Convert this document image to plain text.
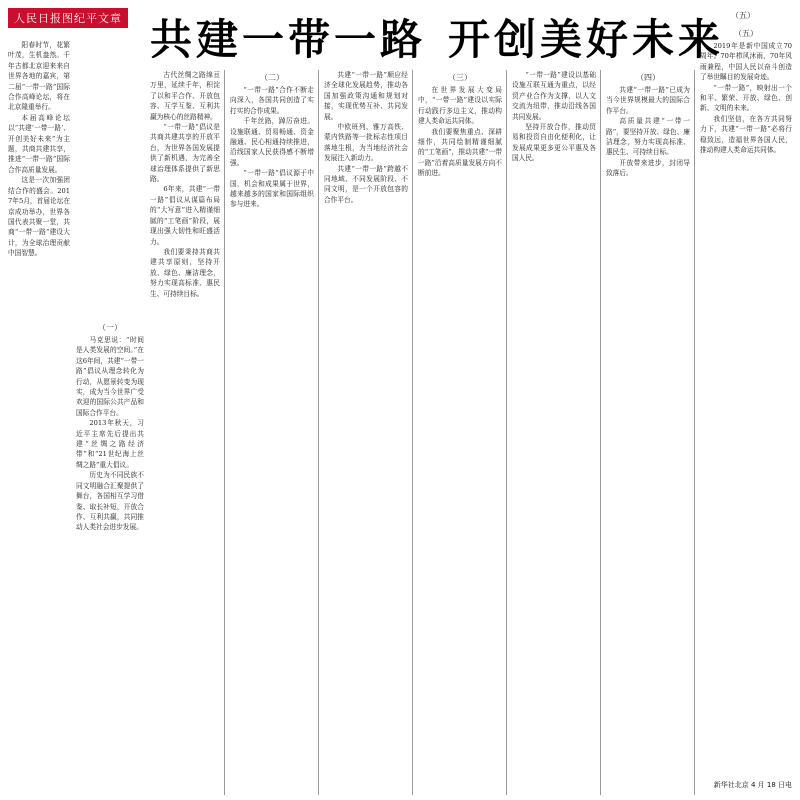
人民日报图纪平文章 共建一带一路 开创美好未来 （五）

阳春时节，花繁叶茂，生机盎然。千年古都北京迎来来自世界各地的嘉宾，第二届“一带一路”国际合作高峰论坛，将在北京隆重举行。

本届高峰论坛以“共建‘一带一路’、开创美好未来”为主题，共商共建共享，推进“一带一路”国际合作高质量发展。

这是一次加强团结合作的盛会。2017年5月，首届论坛在京成功举办，世界各国代表共聚一堂，共商“一带一路”建设大计，为全球治理贡献中国智慧。

（一）

马克思说：“时间是人类发展的空间。”在这6年间，共建“一带一路”倡议从理念转化为行动，从愿景转变为现实，成为当今世界广受欢迎的国际公共产品和国际合作平台。

2013年秋天，习近平主席先后提出共建“丝绸之路经济带”和“21世纪海上丝绸之路”重大倡议。

历史为不同民族不同文明融合汇聚提供了舞台，各国相互学习借鉴、取长补短，开放合作、互利共赢，共同推动人类社会进步发展。

古代丝绸之路绵亘万里，延续千年，积淀了以和平合作、开放包容、互学互鉴、互利共赢为核心的丝路精神。

“一带一路”倡议是共商共建共享的开放平台，为世界各国发展提供了新机遇，为完善全球治理体系提供了新思路。

6年来，共建“一带一路”倡议从谋篇布局的“大写意”进入精谨细腻的“工笔画”阶段，展现出强大韧性和旺盛活力。

我们要秉持共商共建共享原则，坚持开放、绿色、廉洁理念，努力实现高标准、惠民生、可持续目标。

（二）

“一带一路”合作不断走向深入，各国共同创造了实打实的合作成果。

千年丝路，踔厉奋进。设施联通、贸易畅通、资金融通、民心相通持续推进，沿线国家人民获得感不断增强。

“一带一路”倡议源于中国，机会和成果属于世界，越来越多的国家和国际组织参与进来。

共建“一带一路”顺应经济全球化发展趋势，推动各国加强政策沟通和规划对接，实现优势互补、共同发展。

中欧班列、雅万高铁、蒙内铁路等一批标志性项目落地生根，为当地经济社会发展注入新动力。

共建“一带一路”跨越不同地域、不同发展阶段、不同文明，是一个开放包容的合作平台。

（三）

在世界发展大变局中，“一带一路”建设以实际行动践行多边主义，推动构建人类命运共同体。

我们要聚焦重点、深耕细作，共同绘制精谨细腻的“工笔画”，推动共建“一带一路”沿着高质量发展方向不断前进。

“一带一路”建设以基础设施互联互通为重点，以经贸产业合作为支撑，以人文交流为纽带，推动沿线各国共同发展。

坚持开放合作，推动贸易和投资自由化便利化，让发展成果更多更公平惠及各国人民。

（四）

共建“一带一路”已成为当今世界规模最大的国际合作平台。

高质量共建“一带一路”，要坚持开放、绿色、廉洁理念，努力实现高标准、惠民生、可持续目标。

开放带来进步，封闭导致落后。

（五）

2019年是新中国成立70周年。70年栉风沐雨，70年风雨兼程，中国人民以奋斗创造了举世瞩目的发展奇迹。

“一带一路”，映射出一个和平、繁荣、开放、绿色、创新、文明的未来。

我们坚信，在各方共同努力下，共建“一带一路”必将行稳致远，造福世界各国人民，推动构建人类命运共同体。

新华社北京 4 月 18 日电
